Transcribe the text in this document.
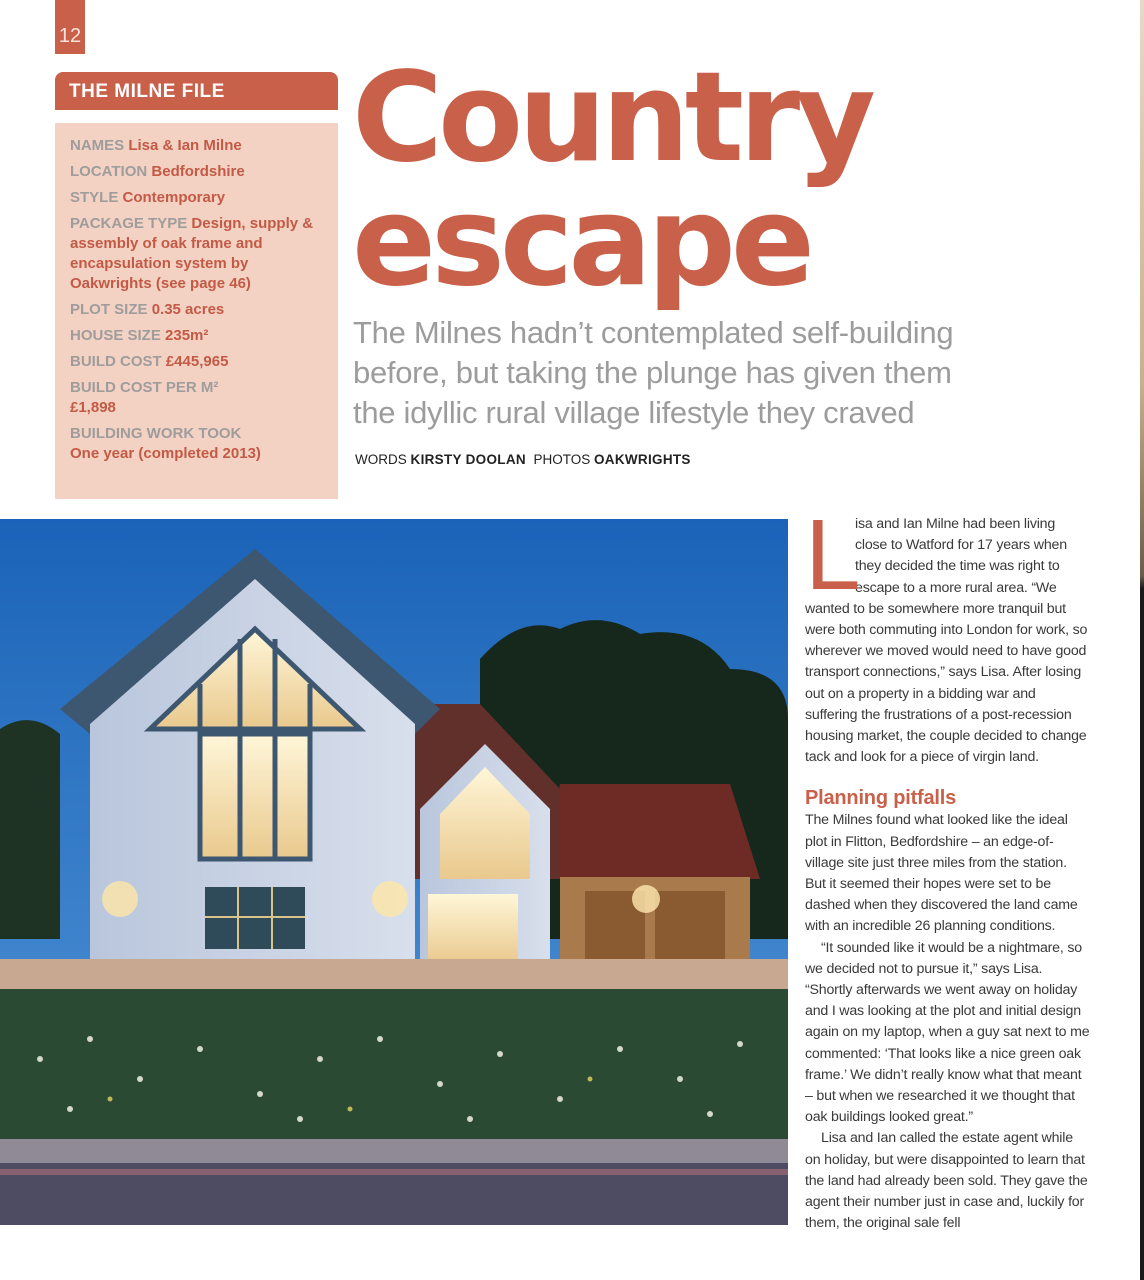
12
THE MILNE FILE
NAMES Lisa & Ian Milne
LOCATION Bedfordshire
STYLE Contemporary
PACKAGE TYPE Design, supply & assembly of oak frame and encapsulation system by Oakwrights (see page 46)
PLOT SIZE 0.35 acres
HOUSE SIZE 235m²
BUILD COST £445,965
BUILD COST PER M²
£1,898
BUILDING WORK TOOK
One year (completed 2013)
Country
escape
The Milnes hadn’t contemplated self-building before, but taking the plunge has given them the idyllic rural village lifestyle they craved
WORDS KIRSTY DOOLAN PHOTOS OAKWRIGHTS
L
isa and Ian Milne had been living
close to Watford for 17 years when
they decided the time was right to
escape to a more rural area. “We

wanted to be somewhere more tranquil but were both commuting into London for work, so wherever we moved would need to have good transport connections,” says Lisa. After losing out on a property in a bidding war and suffering the frustrations of a post-recession housing market, the couple decided to change tack and look for a piece of virgin land.

Planning pitfalls

The Milnes found what looked like the ideal plot in Flitton, Bedfordshire – an edge-of-village site just three miles from the station. But it seemed their hopes were set to be dashed when they discovered the land came with an incredible 26 planning conditions.

“It sounded like it would be a nightmare, so we decided not to pursue it,” says Lisa. “Shortly afterwards we went away on holiday and I was looking at the plot and initial design again on my laptop, when a guy sat next to me commented: ‘That looks like a nice green oak frame.’ We didn’t really know what that meant – but when we researched it we thought that oak buildings looked great.”

Lisa and Ian called the estate agent while on holiday, but were disappointed to learn that the land had already been sold. They gave the agent their number just in case and, luckily for them, the original sale fell
